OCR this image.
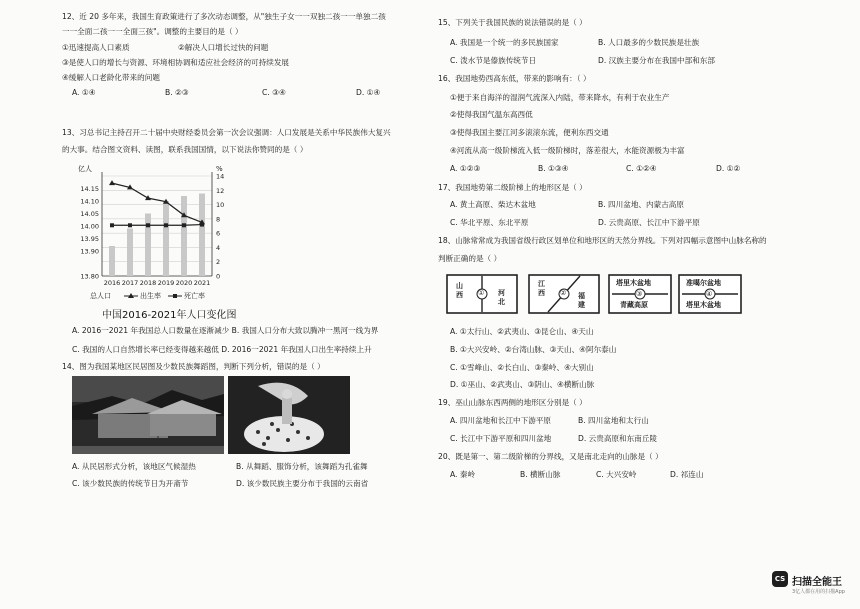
12、近 20 多年来，我国生育政策进行了多次动态调整，从"独生子女一一双独二孩一一单独二孩
一一全面二孩一一全面三孩"。调整的主要目的是（ ）
①迅速提高人口素质	②解决人口增长过快的问题
③是使人口的增长与资源、环境相协调和适应社会经济的可持续发展
④缓解人口老龄化带来的问题
A. ①④	B. ②③	C. ③④	D. ①④
13、习总书记主持召开二十届中央财经委员会第一次会议强调：人口发展是关系中华民族伟大复兴
的大事。结合图文资料、读图，联系我国国情，以下说法你赞同的是（ ）
亿人	%
14.15
14.10
14.05
14.00
13.95
13.90
13.80
14
12
10
8
6
4
2
0
2016 2017 2018 2019 2020 2021
总人口	出生率	死亡率
中国2016-2021年人口变化图
A. 2016一2021 年我国总人口数量在逐渐减少 B. 我国人口分布大致以腾冲一黑河一线为界
C. 我国的人口自然增长率已经变得越来越低 D. 2016一2021 年我国人口出生率持续上升
14、图为我国某地区民居图及少数民族舞蹈图，判断下列分析，错误的是（ ）
A. 从民居形式分析，该地区气候湿热	B. 从舞蹈、服饰分析，该舞蹈为孔雀舞
C. 该少数民族的传统节日为开斋节	D. 该少数民族主要分布于我国的云南省
15、下列关于我国民族的说法错误的是（ ）
A. 我国是一个统一的多民族国家	B. 人口最多的少数民族是壮族
C. 泼水节是傣族传统节日	D. 汉族主要分布在我国中部和东部
16、我国地势西高东低，带来的影响有：（ ）
①便于来自海洋的湿润气流深入内陆，带来降水，有利于农业生产
②使得我国气温东高西低
③使得我国主要江河多滚滚东流，便利东西交通
④河流从高一级阶梯流入低一级阶梯时，落差很大，水能资源极为丰富
A. ①②③	B. ①③④	C. ①②④	D. ①②
17、我国地势第二级阶梯上的地形区是（ ）
A. 黄土高原、柴达木盆地	B. 四川盆地、内蒙古高原
C. 华北平原、东北平原	D. 云贵高原、长江中下游平原
18、山脉常常成为我国省级行政区划单位和地形区的天然分界线。下列对四幅示意图中山脉名称的
判断正确的是（ ）
山西 ① 河北
江西 ② 福建
塔里木盆地
③
青藏高原
准噶尔盆地
④
塔里木盆地
A. ①太行山、②武夷山、③昆仑山、④天山
B. ①大兴安岭、②台湾山脉、③天山、④阿尔泰山
C. ①雪峰山、②长白山、③秦岭、④大别山
D. ①巫山、②武夷山、③阴山、④横断山脉
19、巫山山脉东西两侧的地形区分别是（ ）
A. 四川盆地和长江中下游平原	B. 四川盆地和太行山
C. 长江中下游平原和四川盆地	D. 云贵高原和东南丘陵
20、既是第一、第二级阶梯的分界线，又是南北走向的山脉是（ ）
A. 秦岭	B. 横断山脉	C. 大兴安岭	D. 祁连山
CS 扫描全能王
3亿人都在用的扫描App
